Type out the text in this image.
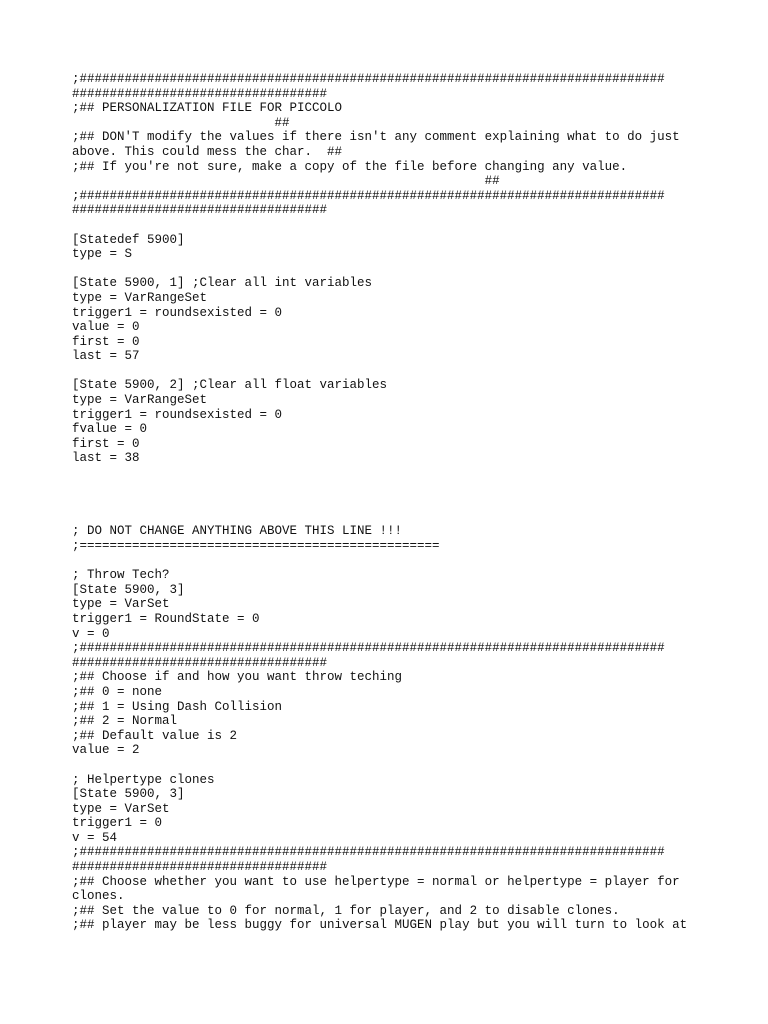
;##############################################################################
##################################
;## PERSONALIZATION FILE FOR PICCOLO
##
;## DON'T modify the values if there isn't any comment explaining what to do just
above. This could mess the char.  ##
;## If you're not sure, make a copy of the file before changing any value.
##
;##############################################################################
##################################
[Statedef 5900]
type = S
[State 5900, 1] ;Clear all int variables
type = VarRangeSet
trigger1 = roundsexisted = 0
value = 0
first = 0
last = 57
[State 5900, 2] ;Clear all float variables
type = VarRangeSet
trigger1 = roundsexisted = 0
fvalue = 0
first = 0
last = 38
; DO NOT CHANGE ANYTHING ABOVE THIS LINE !!!
;================================================
; Throw Tech?
[State 5900, 3]
type = VarSet
trigger1 = RoundState = 0
v = 0
;##############################################################################
##################################
;## Choose if and how you want throw teching
;## 0 = none
;## 1 = Using Dash Collision
;## 2 = Normal
;## Default value is 2
value = 2
; Helpertype clones
[State 5900, 3]
type = VarSet
trigger1 = 0
v = 54
;##############################################################################
##################################
;## Choose whether you want to use helpertype = normal or helpertype = player for
clones.
;## Set the value to 0 for normal, 1 for player, and 2 to disable clones.
;## player may be less buggy for universal MUGEN play but you will turn to look at
